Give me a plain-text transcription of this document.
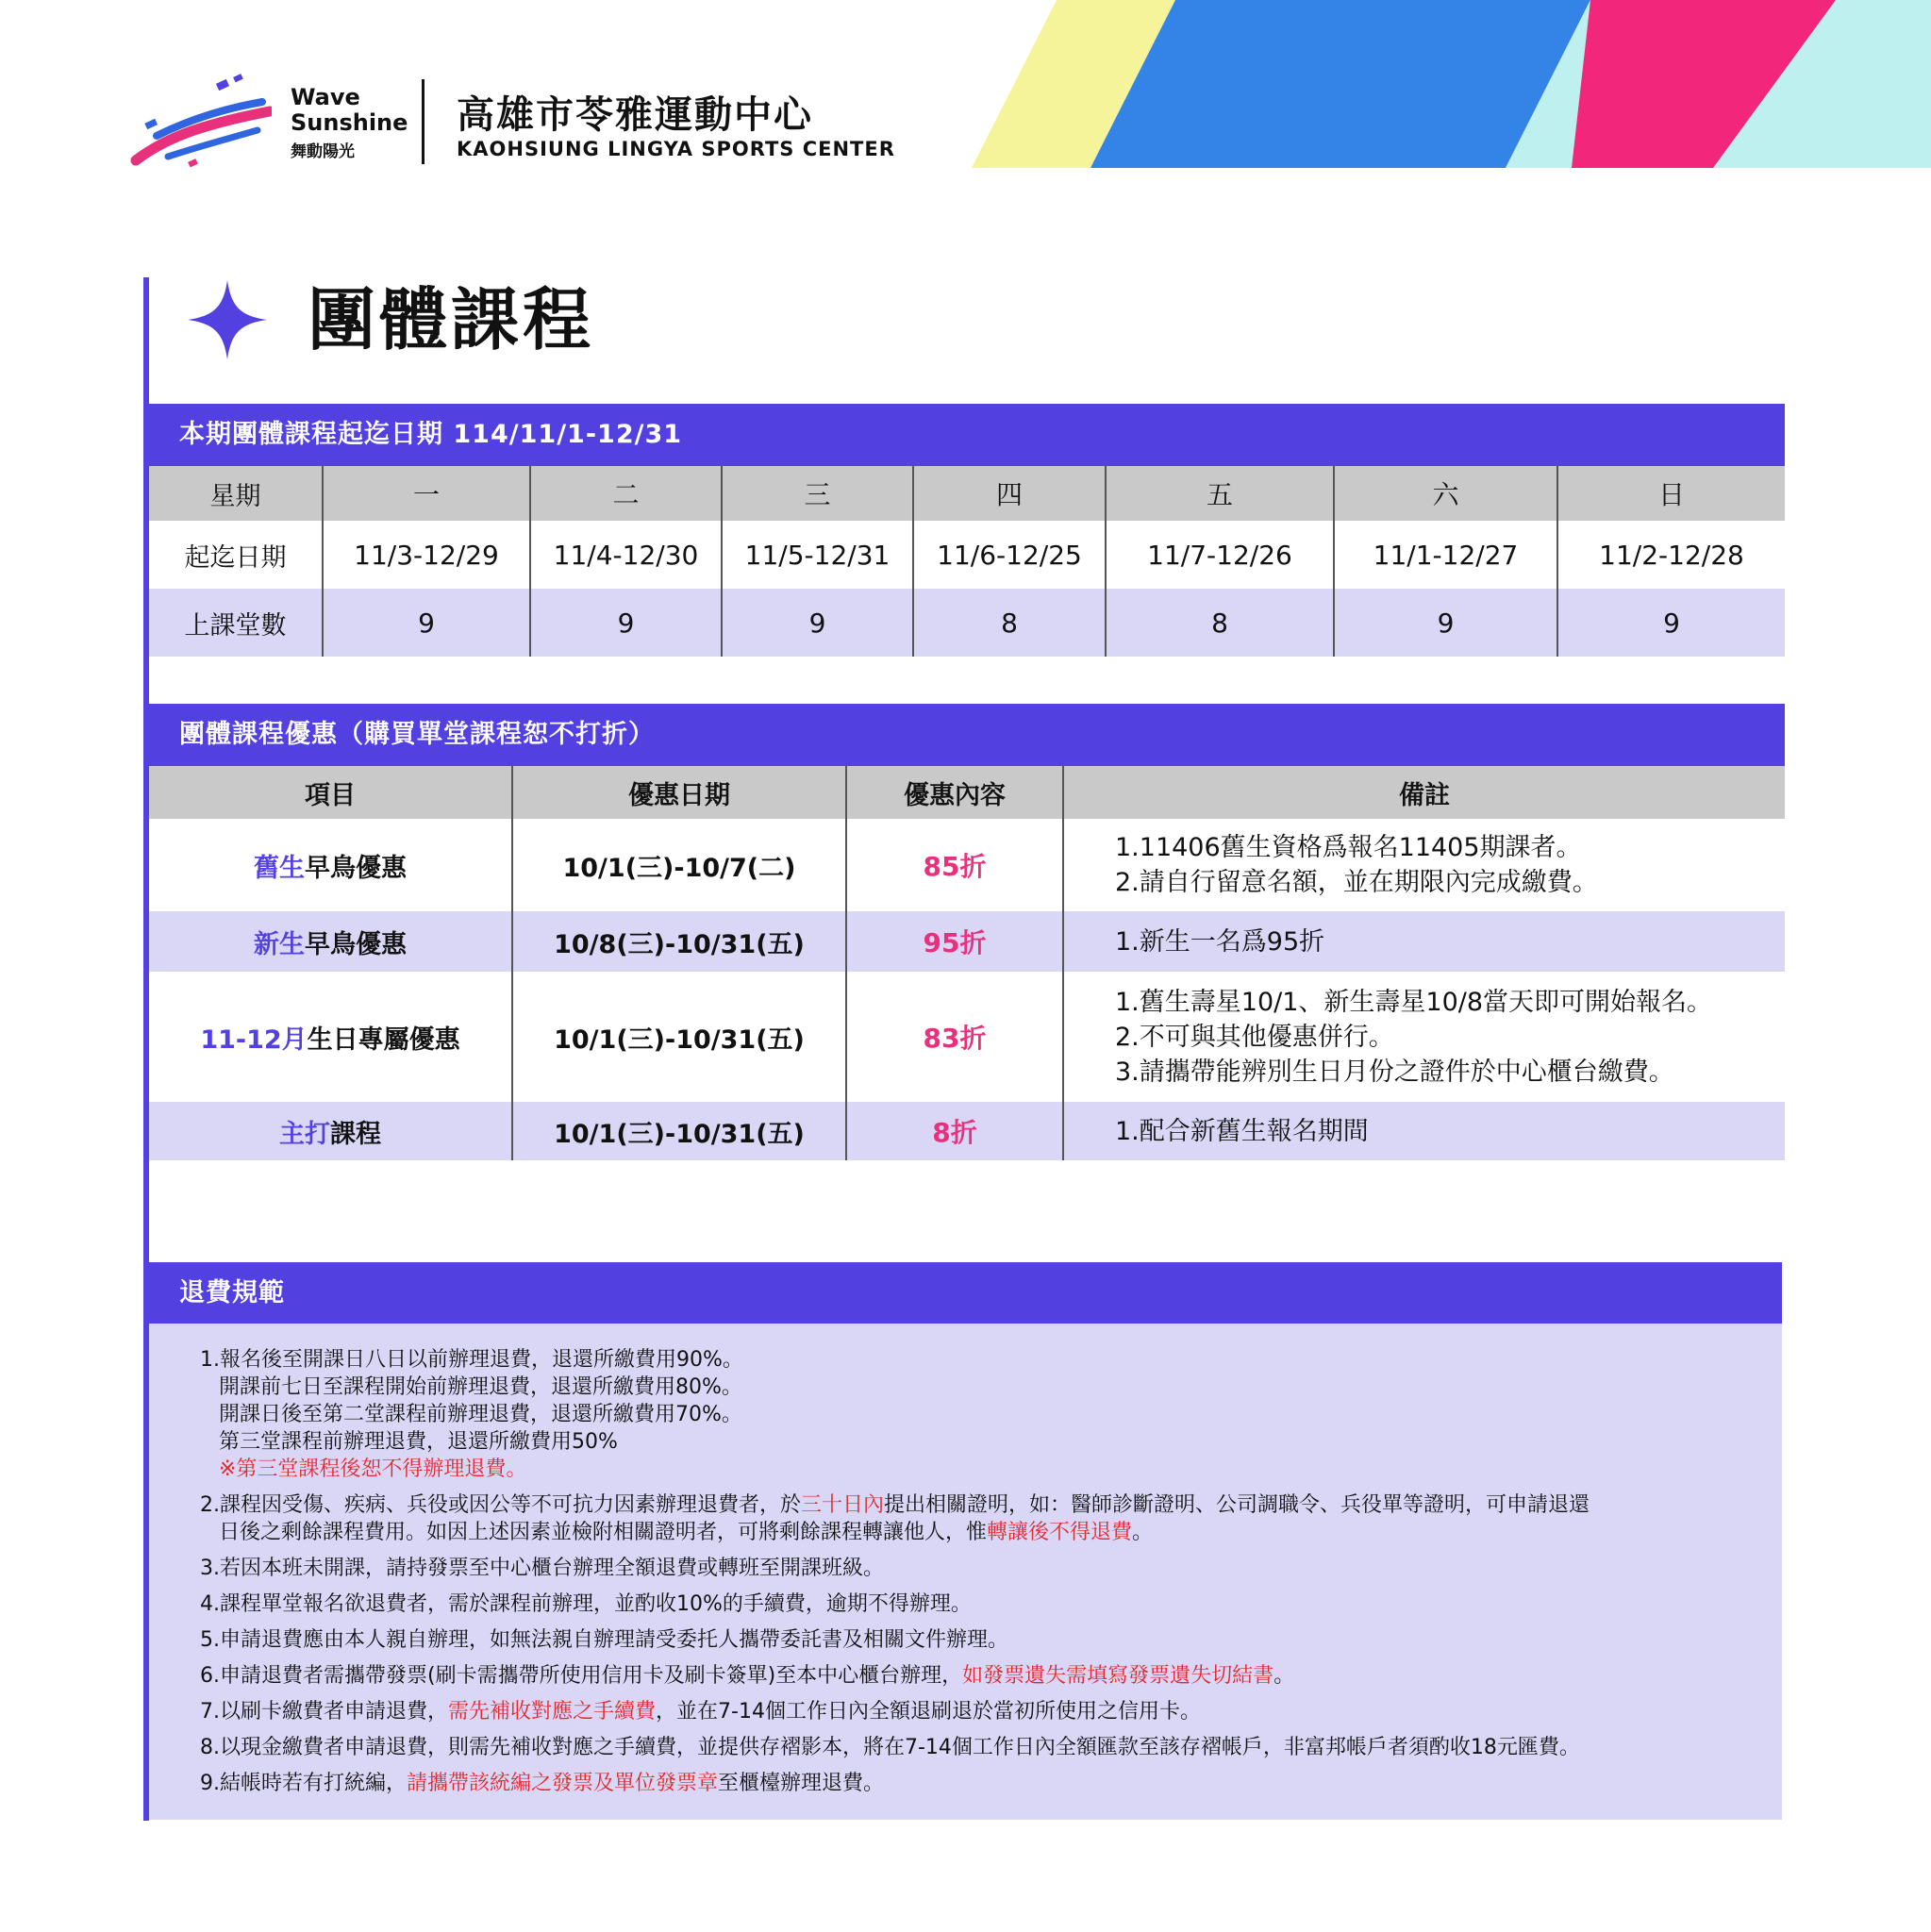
Wave
Sunshine
舞動陽光
高雄市苓雅運動中心
KAOHSIUNG LINGYA SPORTS CENTER
團體課程
本期團體課程起迄日期 114/11/1-12/31
星期	一	二	三	四	五	六	日
起迄日期	11/3-12/29	11/4-12/30	11/5-12/31	11/6-12/25	11/7-12/26	11/1-12/27	11/2-12/28
上課堂數	9	9	9	8	8	9	9
團體課程優惠（購買單堂課程恕不打折）
項目	優惠日期	優惠內容	備註
舊生早鳥優惠	10/1(三)-10/7(二)	85折	1.11406舊生資格爲報名11405期課者。
2.請自行留意名額，並在期限內完成繳費。

新生早鳥優惠	10/8(三)-10/31(五)	95折	1.新生一名爲95折

11-12月生日專屬優惠	10/1(三)-10/31(五)	83折	1.舊生壽星10/1、新生壽星10/8當天即可開始報名。
2.不可與其他優惠併行。
3.請攜帶能辨別生日月份之證件於中心櫃台繳費。

主打課程	10/1(三)-10/31(五)	8折	1.配合新舊生報名期間
退費規範
1.報名後至開課日八日以前辦理退費，退還所繳費用90%。
開課前七日至課程開始前辦理退費，退還所繳費用80%。
開課日後至第二堂課程前辦理退費，退還所繳費用70%。
第三堂課程前辦理退費，退還所繳費用50%
※第三堂課程後恕不得辦理退費。
2.課程因受傷、疾病、兵役或因公等不可抗力因素辦理退費者，於三十日內提出相關證明，如：醫師診斷證明、公司調職令、兵役單等證明，可申請退還
日後之剩餘課程費用。如因上述因素並檢附相關證明者，可將剩餘課程轉讓他人，惟轉讓後不得退費。
3.若因本班未開課，請持發票至中心櫃台辦理全額退費或轉班至開課班級。
4.課程單堂報名欲退費者，需於課程前辦理，並酌收10%的手續費，逾期不得辦理。
5.申請退費應由本人親自辦理，如無法親自辦理請受委托人攜帶委託書及相關文件辦理。
6.申請退費者需攜帶發票(刷卡需攜帶所使用信用卡及刷卡簽單)至本中心櫃台辦理，如發票遺失需填寫發票遺失切結書。
7.以刷卡繳費者申請退費，需先補收對應之手續費，並在7-14個工作日內全額退刷退於當初所使用之信用卡。
8.以現金繳費者申請退費，則需先補收對應之手續費，並提供存褶影本，將在7-14個工作日內全額匯款至該存褶帳戶，非富邦帳戶者須酌收18元匯費。
9.結帳時若有打統編，請攜帶該統編之發票及單位發票章至櫃檯辦理退費。
